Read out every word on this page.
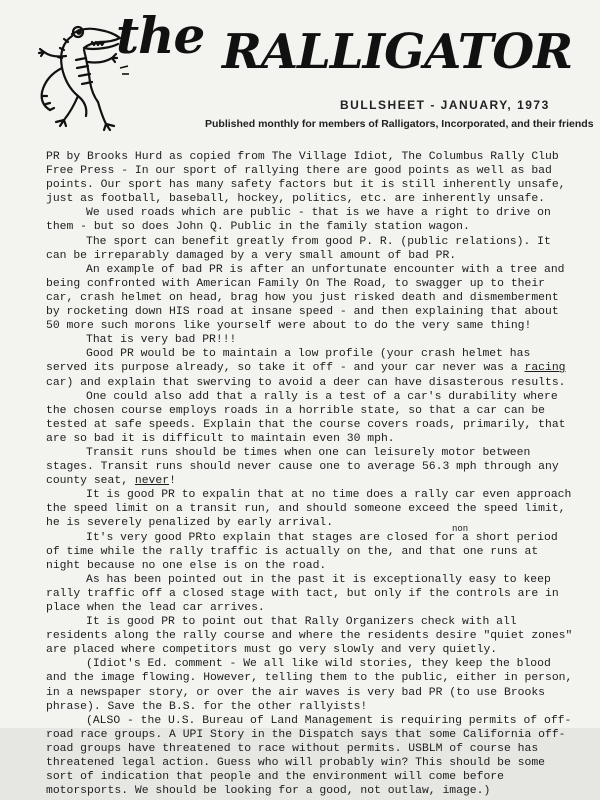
the RALLIGATOR
BULLSHEET - JANUARY, 1973
Published monthly for members of Ralligators, Incorporated, and their friends

PR by Brooks Hurd as copied from The Village Idiot, The Columbus Rally Club Free Press - In our sport of rallying there are good points as well as bad points. Our sport has many safety factors but it is still inherently unsafe, just as football, baseball, hockey, politics, etc. are inherently unsafe.

We used roads which are public - that is we have a right to drive on them - but so does John Q. Public in the family station wagon.

The sport can benefit greatly from good P. R. (public relations). It can be irreparably damaged by a very small amount of bad PR.

An example of bad PR is after an unfortunate encounter with a tree and being confronted with American Family On The Road, to swagger up to their car, crash helmet on head, brag how you just risked death and dismemberment by rocketing down HIS road at insane speed - and then explaining that about 50 more such morons like yourself were about to do the very same thing!

That is very bad PR!!!

Good PR would be to maintain a low profile (your crash helmet has served its purpose already, so take it off - and your car never was a racing car) and explain that swerving to avoid a deer can have disasterous results.

One could also add that a rally is a test of a car's durability where the chosen course employs roads in a horrible state, so that a car can be tested at safe speeds. Explain that the course covers roads, primarily, that are so bad it is difficult to maintain even 30 mph.

Transit runs should be times when one can leisurely motor between stages. Transit runs should never cause one to average 56.3 mph through any county seat, never!

It is good PR to expalin that at no time does a rally car even approach the speed limit on a transit run, and should someone exceed the speed limit, he is severely penalized by early arrival.

It's very good PRto explain that stages are closed for a short period of time while the rally traffic is actually on the, and that one runs at night because no one else is on the road.

As has been pointed out in the past it is exceptionally easy to keep rally traffic off a closed stage with tact, but only if the controls are in place when the lead car arrives.

It is good PR to point out that Rally Organizers check with all residents along the rally course and where the residents desire "quiet zones" are placed where competitors must go very slowly and very quietly.

(Idiot's Ed. comment - We all like wild stories, they keep the blood and the image flowing. However, telling them to the public, either in person, in a newspaper story, or over the air waves is very bad PR (to use Brooks phrase). Save the B.S. for the other rallyists!

(ALSO - the U.S. Bureau of Land Management is requiring permits of off-road race groups. A UPI Story in the Dispatch says that some California off-road groups have threatened to race without permits. USBLM of course has threatened legal action. Guess who will probably win? This should be some sort of indication that people and the environment will come before motorsports. We should be looking for a good, not outlaw, image.)

non
